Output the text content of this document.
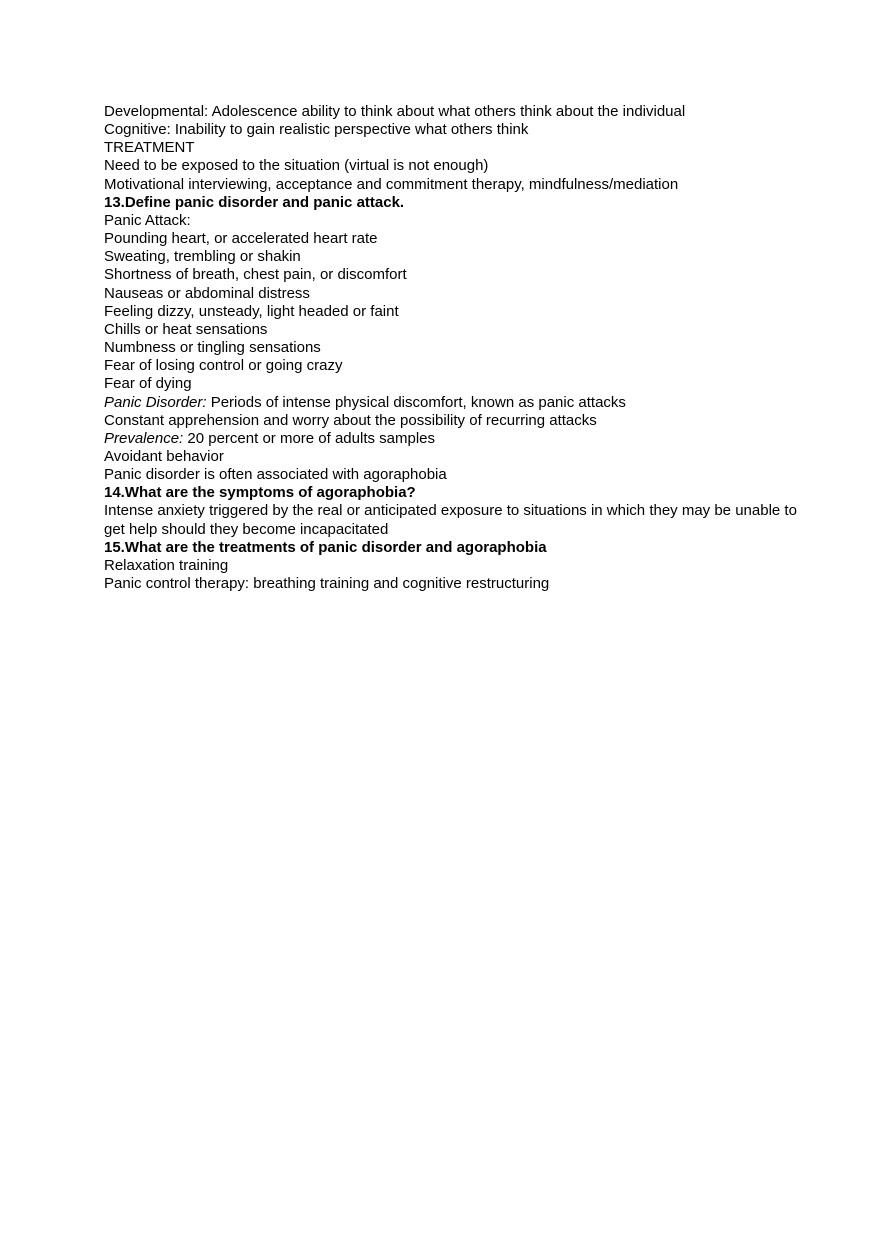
Developmental: Adolescence ability to think about what others think about the individual

Cognitive: Inability to gain realistic perspective what others think

TREATMENT

Need to be exposed to the situation (virtual is not enough)

Motivational interviewing, acceptance and commitment therapy, mindfulness/mediation

13.Define panic disorder and panic attack.

Panic Attack:

Pounding heart, or accelerated heart rate

Sweating, trembling or shakin

Shortness of breath, chest pain, or discomfort

Nauseas or abdominal distress

Feeling dizzy, unsteady, light headed or faint

Chills or heat sensations

Numbness or tingling sensations

Fear of losing control or going crazy

Fear of dying

Panic Disorder: Periods of intense physical discomfort, known as panic attacks

Constant apprehension and worry about the possibility of recurring attacks

Prevalence: 20 percent or more of adults samples

Avoidant behavior

Panic disorder is often associated with agoraphobia

14.What are the symptoms of agoraphobia?

Intense anxiety triggered by the real or anticipated exposure to situations in which they may be unable to get help should they become incapacitated

15.What are the treatments of panic disorder and agoraphobia

Relaxation training

Panic control therapy: breathing training and cognitive restructuring
